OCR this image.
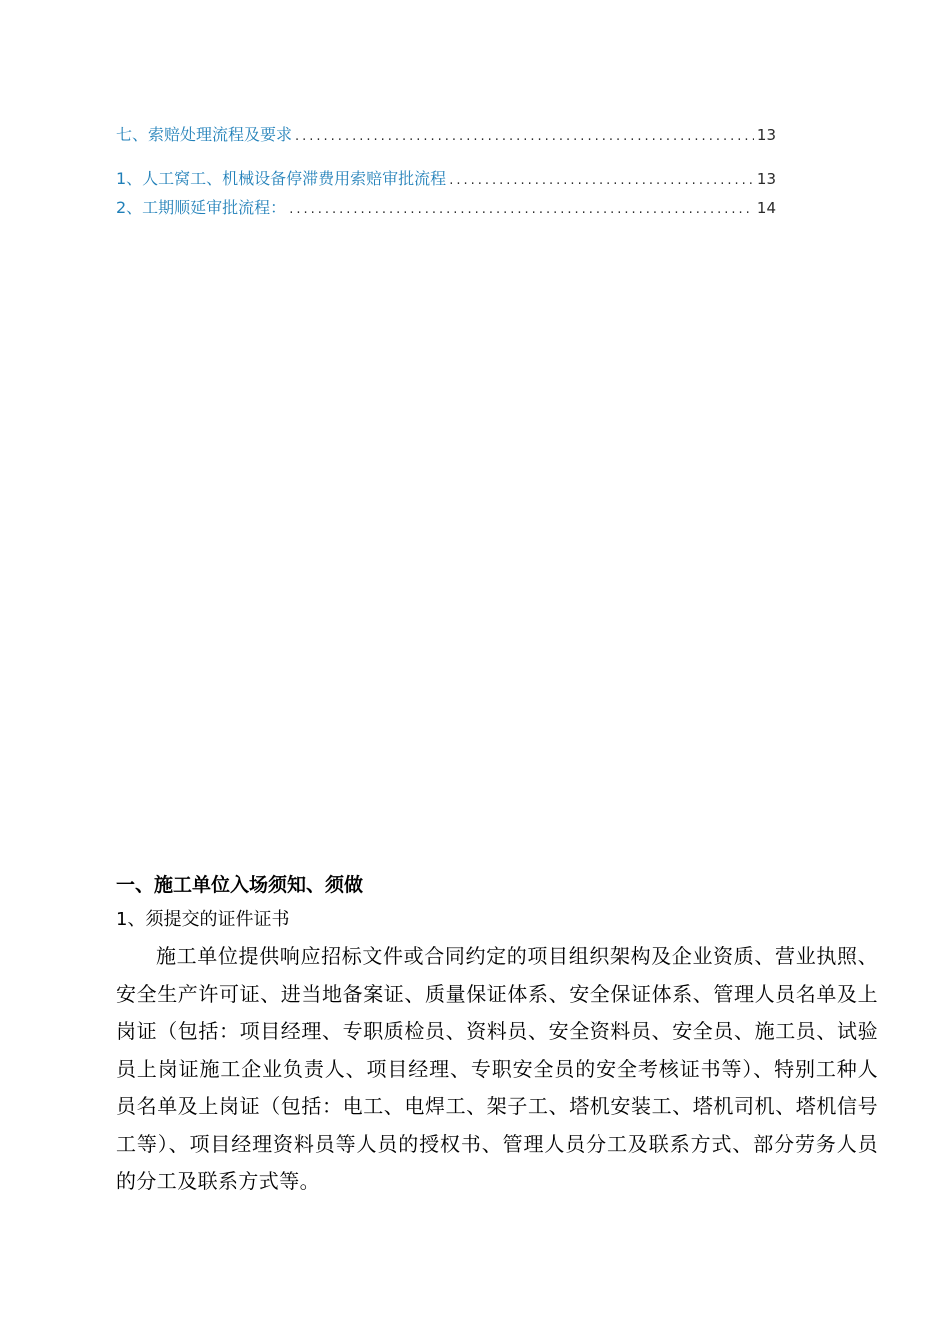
七、索赔处理流程及要求 .....	13
1、人工窝工、机械设备停滞费用索赔审批流程 .....	13
2、工期顺延审批流程： .....	14
一、施工单位入场须知、须做
1、须提交的证件证书

施工单位提供响应招标文件或合同约定的项目组织架构及企业资质、营业执照、安全生产许可证、进当地备案证、质量保证体系、安全保证体系、管理人员名单及上岗证（包括：项目经理、专职质检员、资料员、安全资料员、安全员、施工员、试验员上岗证施工企业负责人、项目经理、专职安全员的安全考核证书等）、特别工种人员名单及上岗证（包括：电工、电焊工、架子工、塔机安装工、塔机司机、塔机信号工等）、项目经理资料员等人员的授权书、管理人员分工及联系方式、部分劳务人员的分工及联系方式等。
